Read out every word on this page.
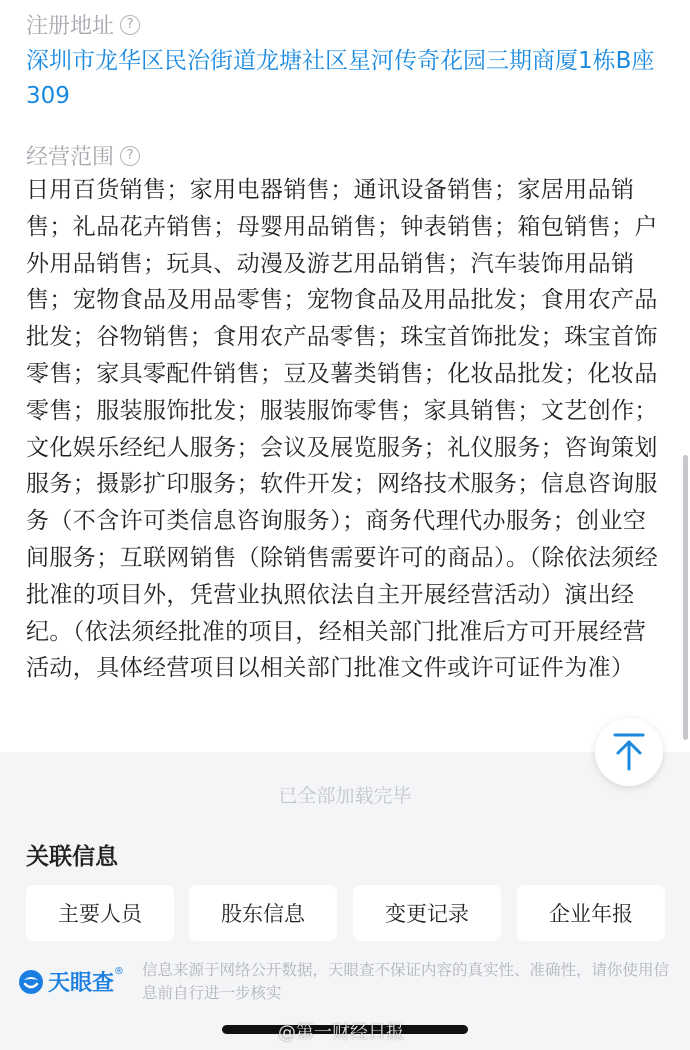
注册地址 ?
深圳市龙华区民治街道龙塘社区星河传奇花园三期商厦1栋B座309
经营范围 ?
日用百货销售；家用电器销售；通讯设备销售；家居用品销售；礼品花卉销售；母婴用品销售；钟表销售；箱包销售；户外用品销售；玩具、动漫及游艺用品销售；汽车装饰用品销售；宠物食品及用品零售；宠物食品及用品批发；食用农产品批发；谷物销售；食用农产品零售；珠宝首饰批发；珠宝首饰零售；家具零配件销售；豆及薯类销售；化妆品批发；化妆品零售；服装服饰批发；服装服饰零售；家具销售；文艺创作；文化娱乐经纪人服务；会议及展览服务；礼仪服务；咨询策划服务；摄影扩印服务；软件开发；网络技术服务；信息咨询服务（不含许可类信息咨询服务）；商务代理代办服务；创业空间服务；互联网销售（除销售需要许可的商品）。（除依法须经批准的项目外，凭营业执照依法自主开展经营活动）演出经纪。（依法须经批准的项目，经相关部门批准后方可开展经营活动，具体经营项目以相关部门批准文件或许可证件为准）
已全部加载完毕
关联信息
主要人员	股东信息	变更记录	企业年报
天眼查 ® 信息来源于网络公开数据，天眼查不保证内容的真实性、准确性，请你使用信息前自行进一步核实
@第一财经日报
